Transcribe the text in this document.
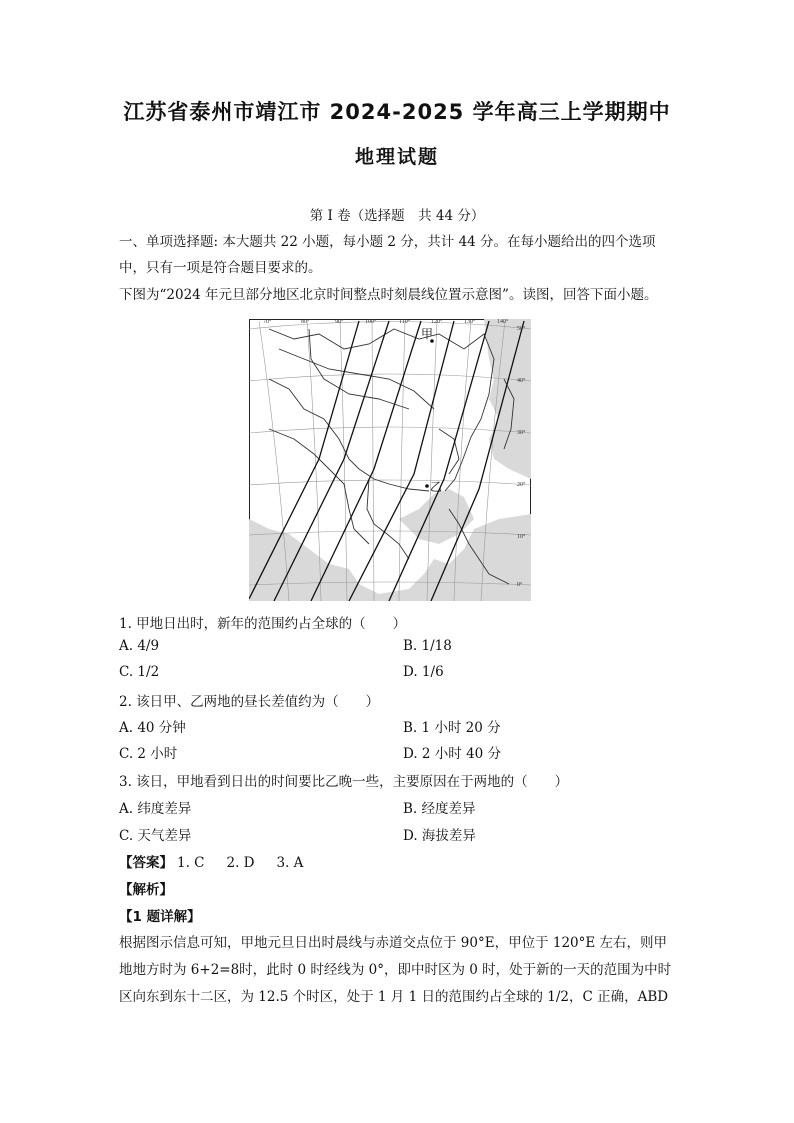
江苏省泰州市靖江市 2024-2025 学年高三上学期期中
地理试题
第 I 卷（选择题　共 44 分）
一、单项选择题: 本大题共 22 小题，每小题 2 分，共计 44 分。在每小题给出的四个选项中，只有一项是符合题目要求的。
下图为“2024 年元旦部分地区北京时间整点时刻晨线位置示意图”。读图，回答下面小题。
70°	80°	90°	100°	110°	120°	130°	140°
50°
40°
30°
20°
10°
0°
甲
乙
1. 甲地日出时，新年的范围约占全球的（　　）
A. 4/9	B. 1/18
C. 1/2	D. 1/6
2. 该日甲、乙两地的昼长差值约为（　　）
A. 40 分钟	B. 1 小时 20 分
C. 2 小时	D. 2 小时 40 分
3. 该日，甲地看到日出的时间要比乙晚一些，主要原因在于两地的（　　）
A. 纬度差异	B. 经度差异
C. 天气差异	D. 海拔差异
【答案】 1. C 2. D 3. A
【解析】
【1 题详解】
根据图示信息可知，甲地元旦日出时晨线与赤道交点位于 90°E，甲位于 120°E 左右，则甲地地方时为 6+2=8时，此时 0 时经线为 0°，即中时区为 0 时，处于新的一天的范围为中时区向东到东十二区，为 12.5 个时区，处于 1 月 1 日的范围约占全球的 1/2，C 正确，ABD
